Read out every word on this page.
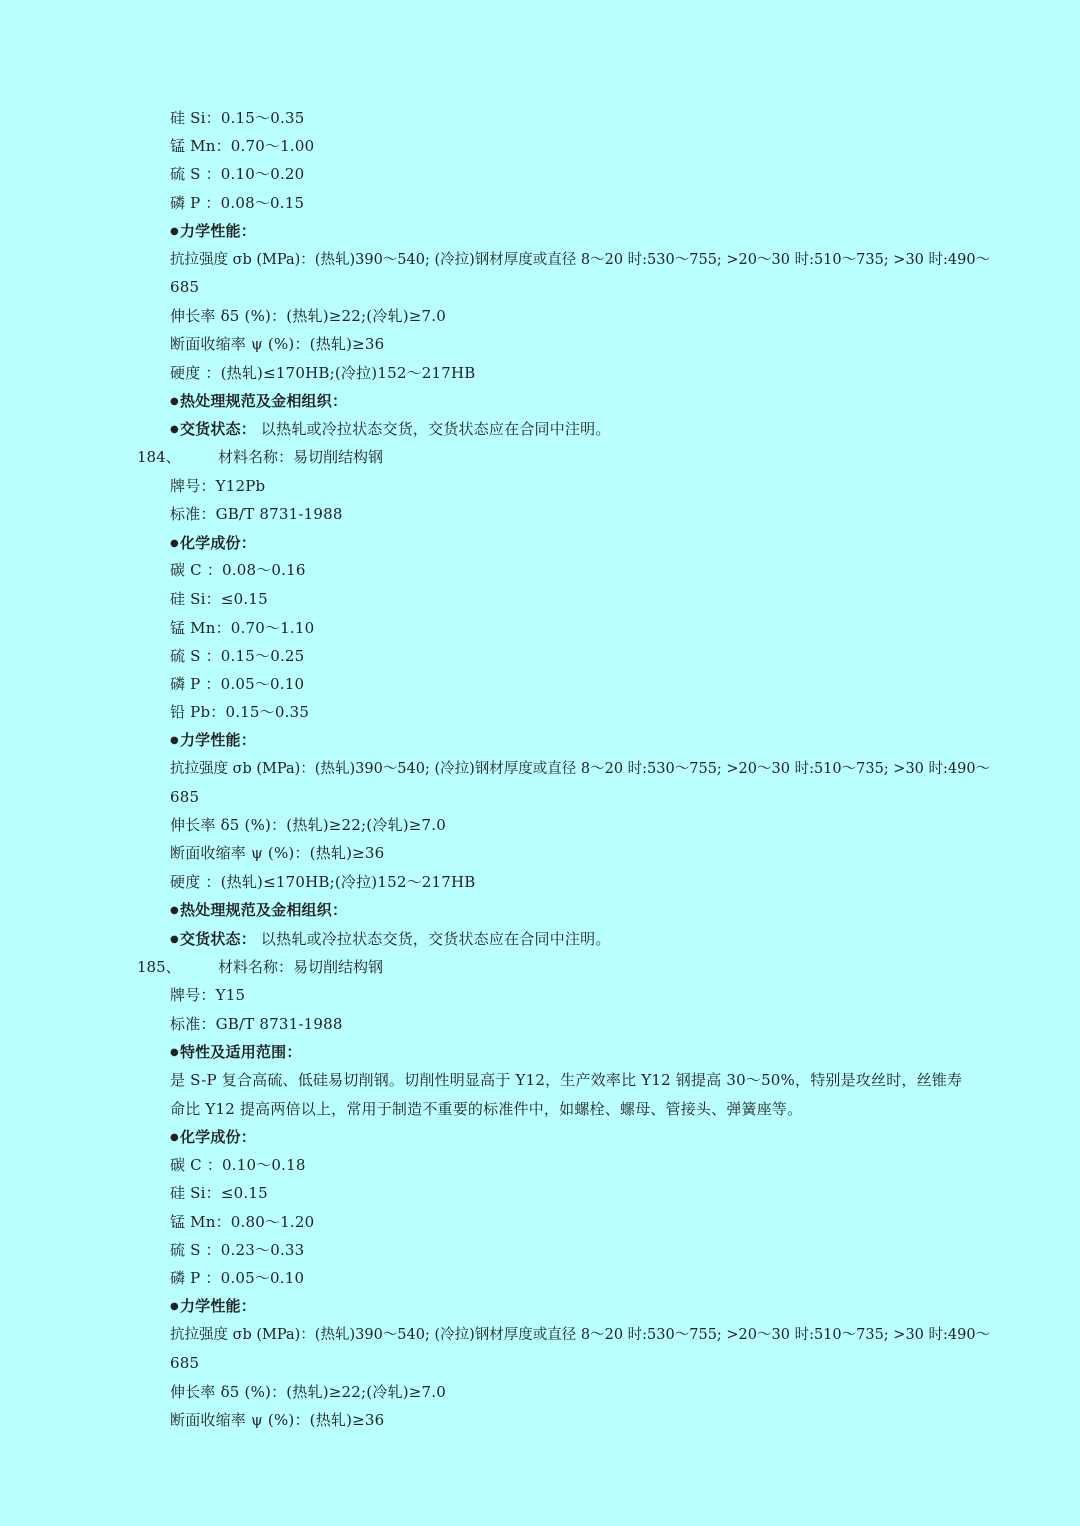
硅 Si：0.15～0.35
锰 Mn：0.70～1.00
硫 S ：0.10～0.20
磷 P ：0.08～0.15
● 力学性能：
抗拉强度 σb (MPa)：(热轧)390～540; (冷拉)钢材厚度或直径 8～20 时:530～755; >20～30 时:510～735; >30 时:490～
685
伸长率 δ5 (%)：(热轧)≥22;(冷轧)≥7.0
断面收缩率 ψ (%)：(热轧)≥36
硬度 ：(热轧)≤170HB;(冷拉)152～217HB
● 热处理规范及金相组织：
● 交货状态： 以热轧或冷拉状态交货，交货状态应在合同中注明。
184、 材料名称：易切削结构钢
牌号：Y12Pb
标准：GB/T 8731-1988
● 化学成份：
碳 C ：0.08～0.16
硅 Si：≤0.15
锰 Mn：0.70～1.10
硫 S ：0.15～0.25
磷 P ：0.05～0.10
铅 Pb：0.15～0.35
● 力学性能：
抗拉强度 σb (MPa)：(热轧)390～540; (冷拉)钢材厚度或直径 8～20 时:530～755; >20～30 时:510～735; >30 时:490～
685
伸长率 δ5 (%)：(热轧)≥22;(冷轧)≥7.0
断面收缩率 ψ (%)：(热轧)≥36
硬度 ：(热轧)≤170HB;(冷拉)152～217HB
● 热处理规范及金相组织：
● 交货状态： 以热轧或冷拉状态交货，交货状态应在合同中注明。
185、 材料名称：易切削结构钢
牌号：Y15
标准：GB/T 8731-1988
● 特性及适用范围：
是 S-P 复合高硫、低硅易切削钢。切削性明显高于 Y12，生产效率比 Y12 钢提高 30～50%，特别是攻丝时，丝锥寿
命比 Y12 提高两倍以上，常用于制造不重要的标准件中，如螺栓、螺母、管接头、弹簧座等。
● 化学成份：
碳 C ：0.10～0.18
硅 Si：≤0.15
锰 Mn：0.80～1.20
硫 S ：0.23～0.33
磷 P ：0.05～0.10
● 力学性能：
抗拉强度 σb (MPa)：(热轧)390～540; (冷拉)钢材厚度或直径 8～20 时:530～755; >20～30 时:510～735; >30 时:490～
685
伸长率 δ5 (%)：(热轧)≥22;(冷轧)≥7.0
断面收缩率 ψ (%)：(热轧)≥36
